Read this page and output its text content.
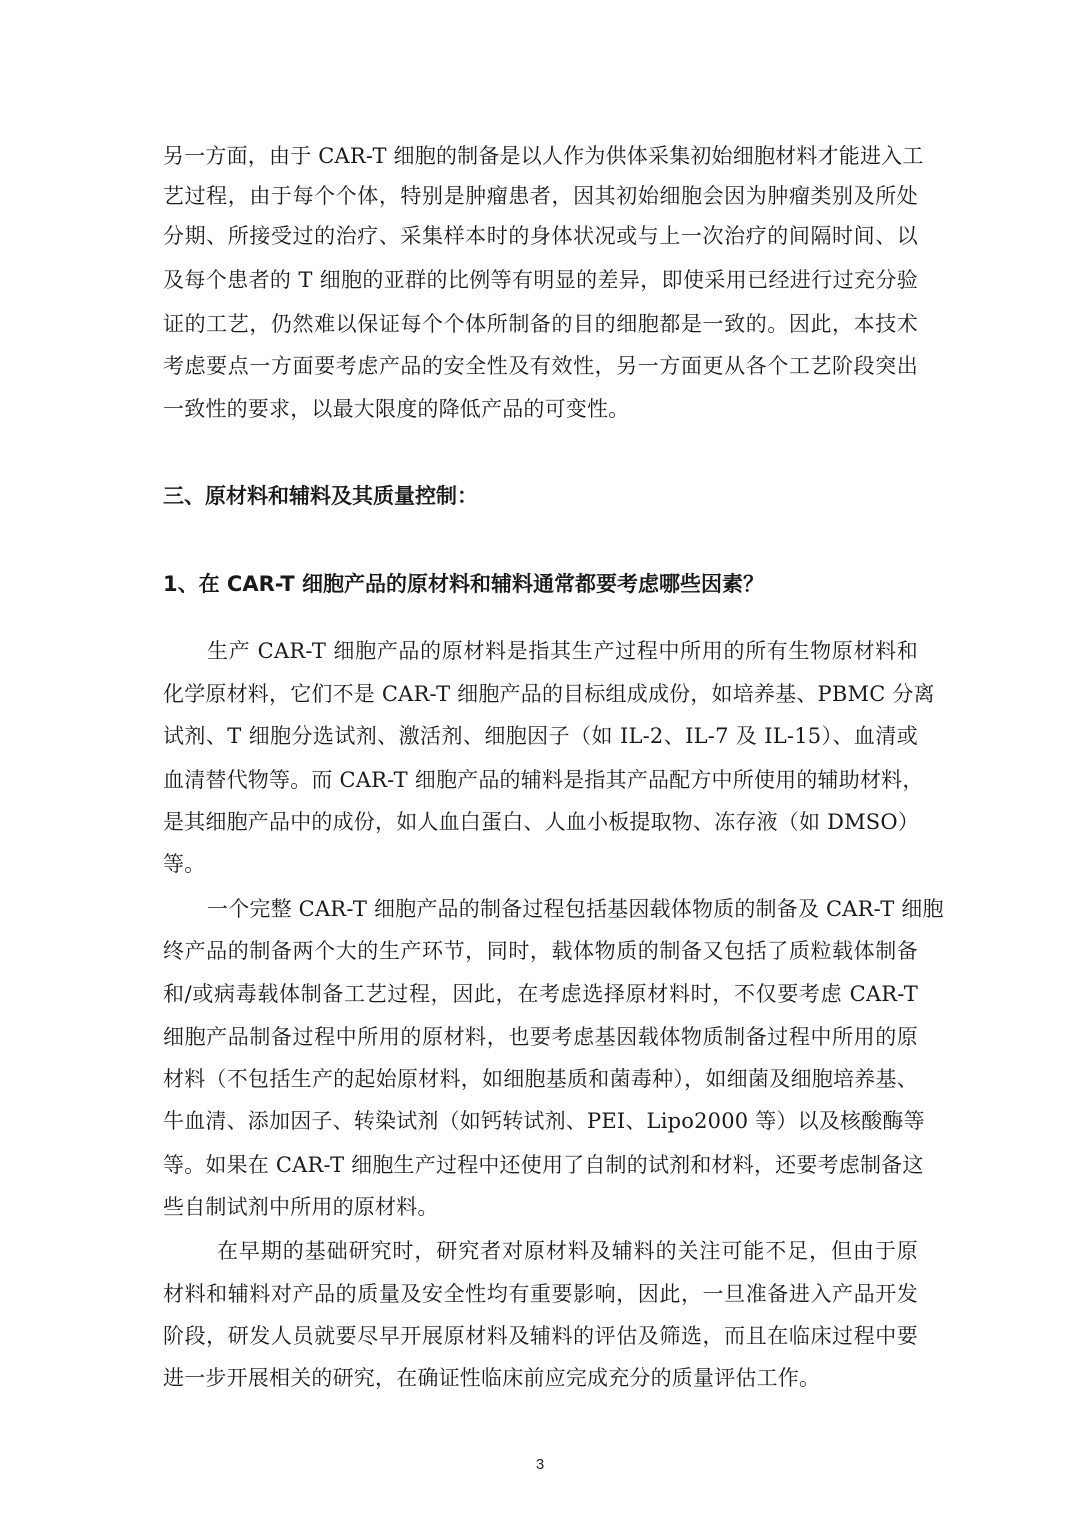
另一方面，由于 CAR-T 细胞的制备是以人作为供体采集初始细胞材料才能进入工
艺过程，由于每个个体，特别是肿瘤患者，因其初始细胞会因为肿瘤类别及所处
分期、所接受过的治疗、采集样本时的身体状况或与上一次治疗的间隔时间、以
及每个患者的 T 细胞的亚群的比例等有明显的差异，即使采用已经进行过充分验
证的工艺，仍然难以保证每个个体所制备的目的细胞都是一致的。因此，本技术
考虑要点一方面要考虑产品的安全性及有效性，另一方面更从各个工艺阶段突出
一致性的要求，以最大限度的降低产品的可变性。
三、原材料和辅料及其质量控制：
1、在 CAR-T 细胞产品的原材料和辅料通常都要考虑哪些因素？
生产 CAR-T 细胞产品的原材料是指其生产过程中所用的所有生物原材料和
化学原材料，它们不是 CAR-T 细胞产品的目标组成成份，如培养基、PBMC 分离
试剂、T 细胞分选试剂、激活剂、细胞因子（如 IL-2、IL-7 及 IL-15）、血清或
血清替代物等。而 CAR-T 细胞产品的辅料是指其产品配方中所使用的辅助材料，
是其细胞产品中的成份，如人血白蛋白、人血小板提取物、冻存液（如 DMSO）
等。
一个完整 CAR-T 细胞产品的制备过程包括基因载体物质的制备及 CAR-T 细胞
终产品的制备两个大的生产环节，同时，载体物质的制备又包括了质粒载体制备
和/或病毒载体制备工艺过程，因此，在考虑选择原材料时，不仅要考虑 CAR-T
细胞产品制备过程中所用的原材料，也要考虑基因载体物质制备过程中所用的原
材料（不包括生产的起始原材料，如细胞基质和菌毒种），如细菌及细胞培养基、
牛血清、添加因子、转染试剂（如钙转试剂、PEI、Lipo2000 等）以及核酸酶等
等。如果在 CAR-T 细胞生产过程中还使用了自制的试剂和材料，还要考虑制备这
些自制试剂中所用的原材料。
在早期的基础研究时，研究者对原材料及辅料的关注可能不足，但由于原
材料和辅料对产品的质量及安全性均有重要影响，因此，一旦准备进入产品开发
阶段，研发人员就要尽早开展原材料及辅料的评估及筛选，而且在临床过程中要
进一步开展相关的研究，在确证性临床前应完成充分的质量评估工作。
3
